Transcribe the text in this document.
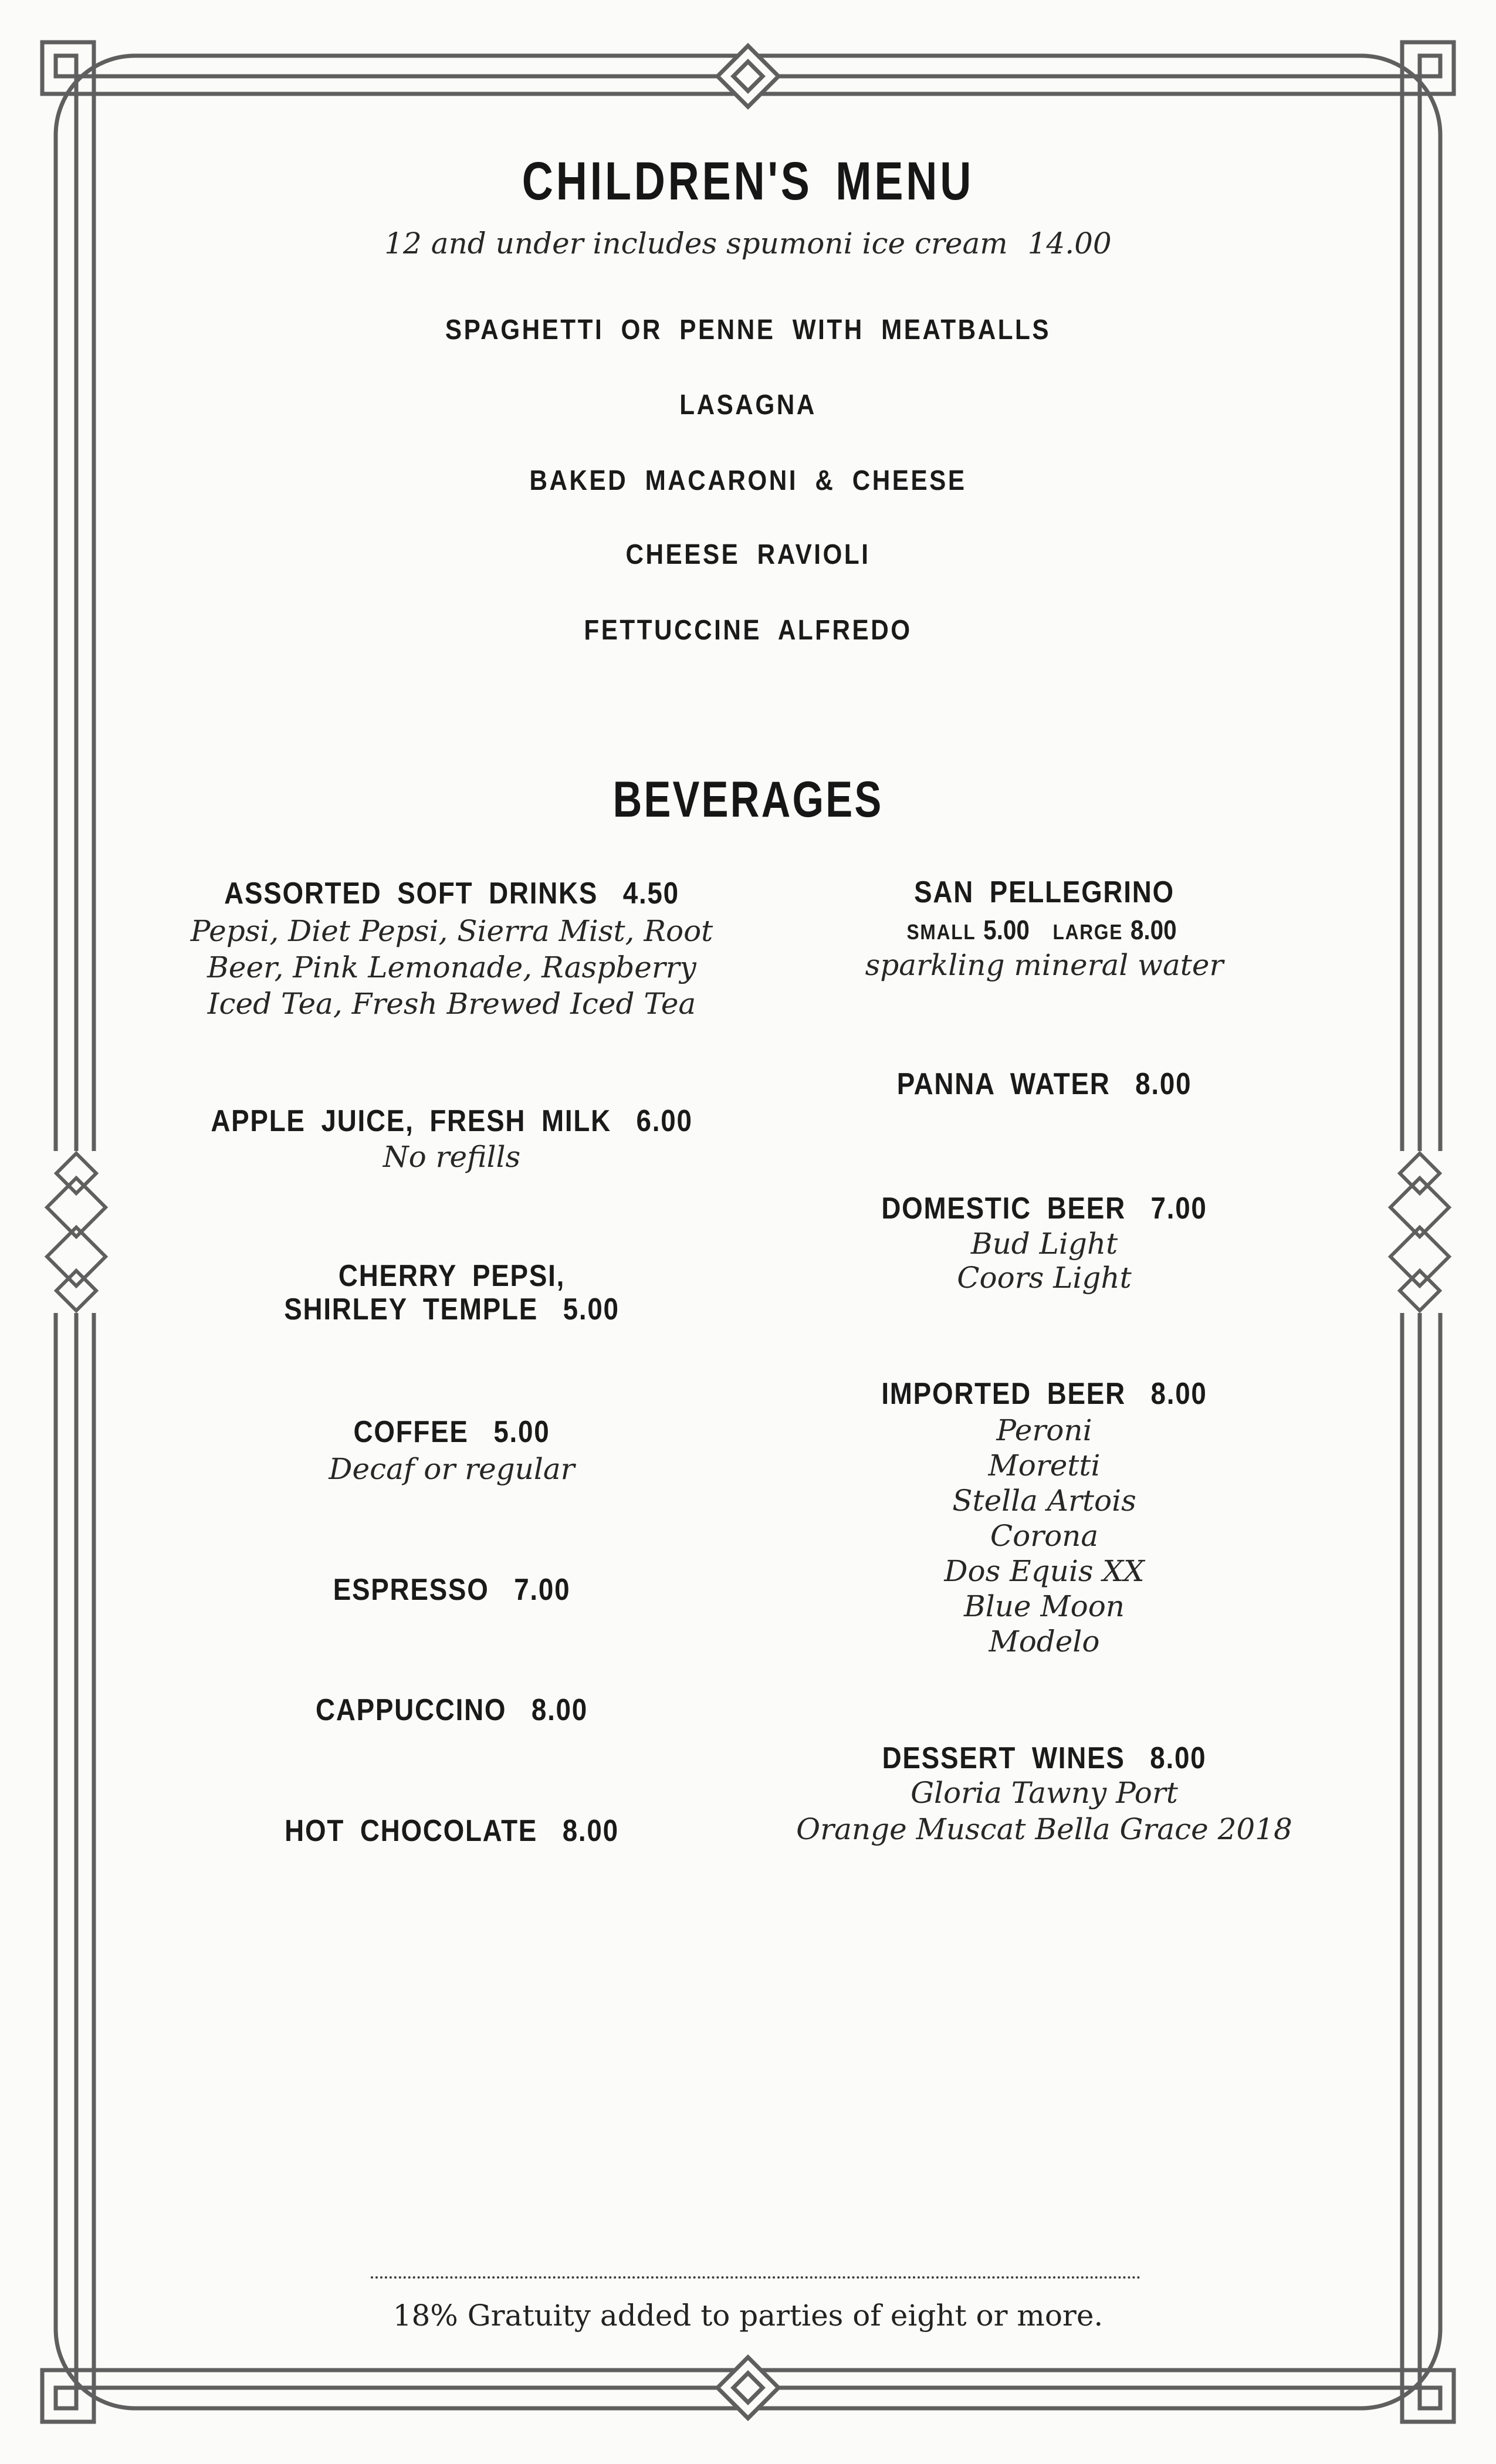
CHILDREN'S MENU
12 and under includes spumoni ice cream 14.00
SPAGHETTI OR PENNE WITH MEATBALLS
LASAGNA
BAKED MACARONI & CHEESE
CHEESE RAVIOLI
FETTUCCINE ALFREDO
BEVERAGES
ASSORTED SOFT DRINKS 4.50
Pepsi, Diet Pepsi, Sierra Mist, Root
Beer, Pink Lemonade, Raspberry
Iced Tea, Fresh Brewed Iced Tea
APPLE JUICE, FRESH MILK 6.00
No refills
CHERRY PEPSI,
SHIRLEY TEMPLE 5.00
COFFEE 5.00
Decaf or regular
ESPRESSO 7.00
CAPPUCCINO 8.00
HOT CHOCOLATE 8.00
SAN PELLEGRINO
SMALL 5.00 LARGE 8.00
sparkling mineral water
PANNA WATER 8.00
DOMESTIC BEER 7.00
Bud Light
Coors Light
IMPORTED BEER 8.00
Peroni
Moretti
Stella Artois
Corona
Dos Equis XX
Blue Moon
Modelo
DESSERT WINES 8.00
Gloria Tawny Port
Orange Muscat Bella Grace 2018
18% Gratuity added to parties of eight or more.
